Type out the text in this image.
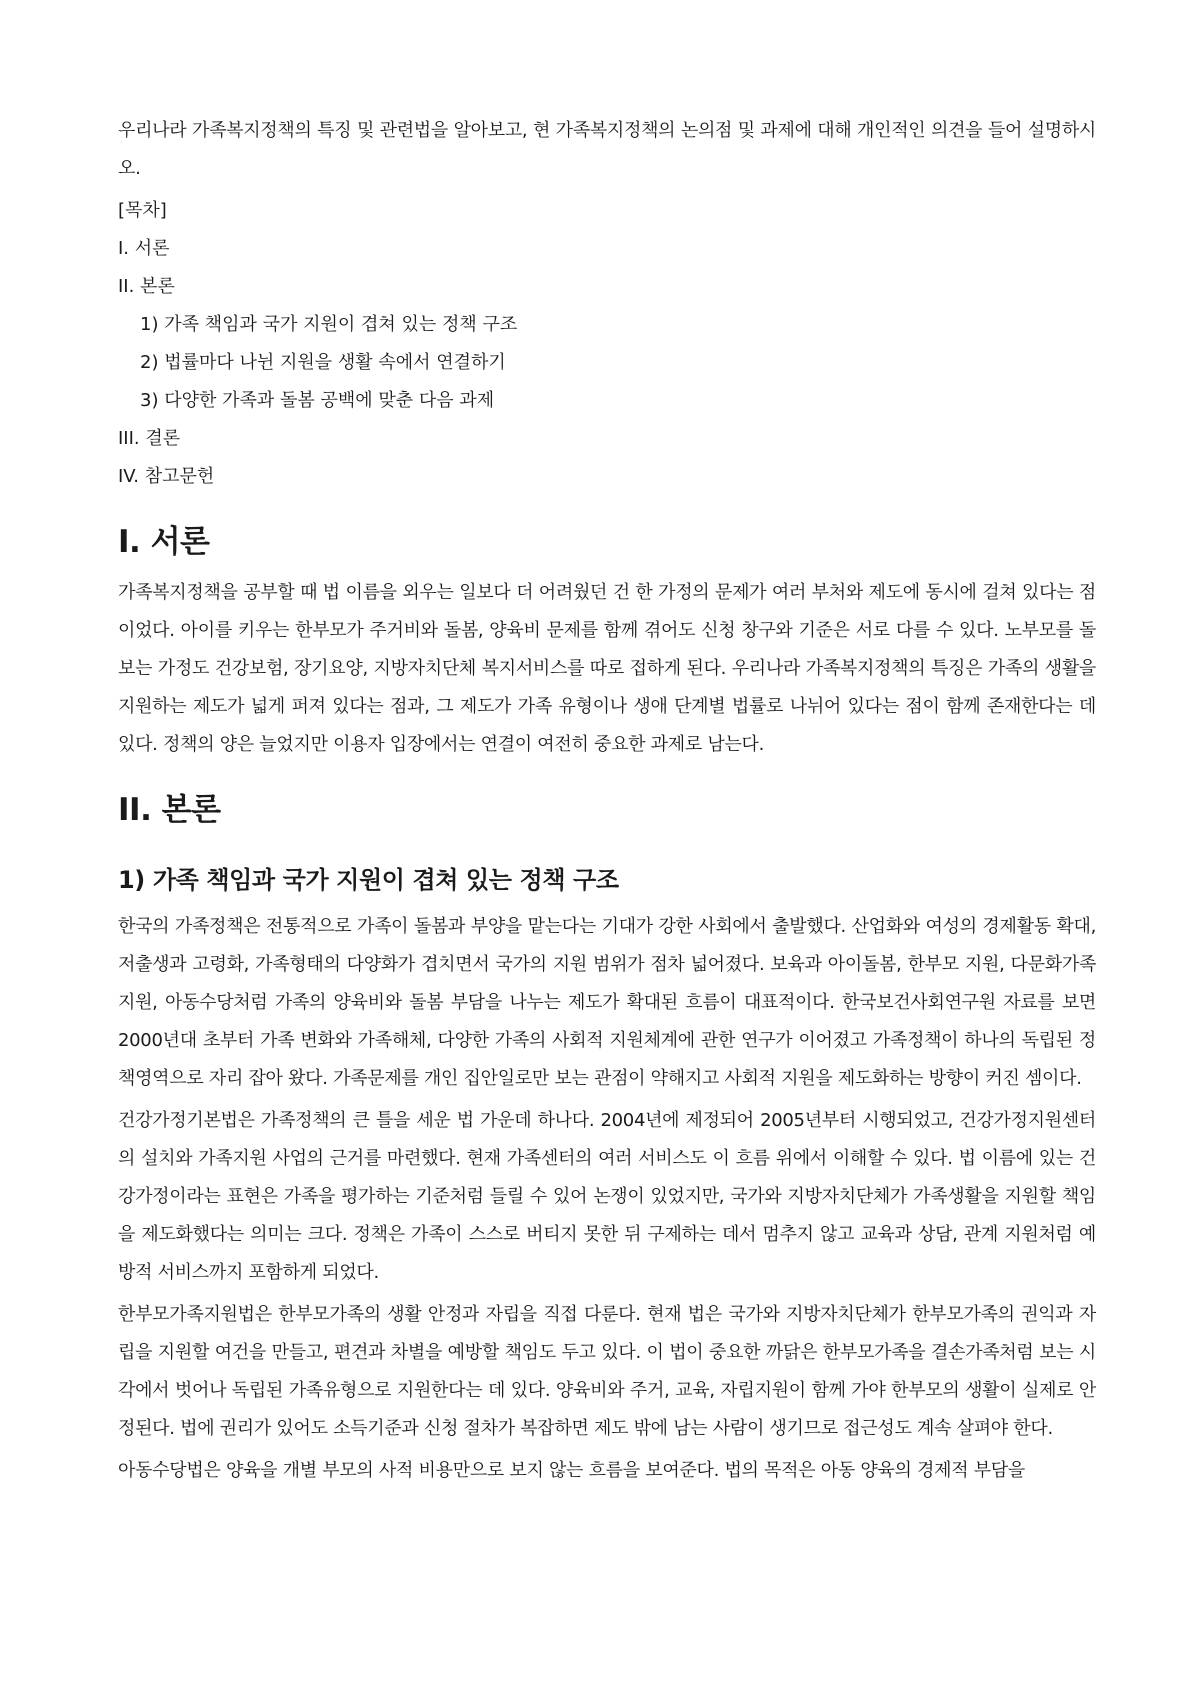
우리나라 가족복지정책의 특징 및 관련법을 알아보고, 현 가족복지정책의 논의점 및 과제에 대해 개인적인 의견을 들어 설명하시오.

[목차]
I. 서론
II. 본론
1) 가족 책임과 국가 지원이 겹쳐 있는 정책 구조
2) 법률마다 나뉜 지원을 생활 속에서 연결하기
3) 다양한 가족과 돌봄 공백에 맞춘 다음 과제
III. 결론
IV. 참고문헌
I. 서론

가족복지정책을 공부할 때 법 이름을 외우는 일보다 더 어려웠던 건 한 가정의 문제가 여러 부처와 제도에 동시에 걸쳐 있다는 점이었다. 아이를 키우는 한부모가 주거비와 돌봄, 양육비 문제를 함께 겪어도 신청 창구와 기준은 서로 다를 수 있다. 노부모를 돌보는 가정도 건강보험, 장기요양, 지방자치단체 복지서비스를 따로 접하게 된다. 우리나라 가족복지정책의 특징은 가족의 생활을 지원하는 제도가 넓게 퍼져 있다는 점과, 그 제도가 가족 유형이나 생애 단계별 법률로 나뉘어 있다는 점이 함께 존재한다는 데 있다. 정책의 양은 늘었지만 이용자 입장에서는 연결이 여전히 중요한 과제로 남는다.

II. 본론
1) 가족 책임과 국가 지원이 겹쳐 있는 정책 구조

한국의 가족정책은 전통적으로 가족이 돌봄과 부양을 맡는다는 기대가 강한 사회에서 출발했다. 산업화와 여성의 경제활동 확대, 저출생과 고령화, 가족형태의 다양화가 겹치면서 국가의 지원 범위가 점차 넓어졌다. 보육과 아이돌봄, 한부모 지원, 다문화가족 지원, 아동수당처럼 가족의 양육비와 돌봄 부담을 나누는 제도가 확대된 흐름이 대표적이다. 한국보건사회연구원 자료를 보면 2000년대 초부터 가족 변화와 가족해체, 다양한 가족의 사회적 지원체계에 관한 연구가 이어졌고 가족정책이 하나의 독립된 정책영역으로 자리 잡아 왔다. 가족문제를 개인 집안일로만 보는 관점이 약해지고 사회적 지원을 제도화하는 방향이 커진 셈이다.

건강가정기본법은 가족정책의 큰 틀을 세운 법 가운데 하나다. 2004년에 제정되어 2005년부터 시행되었고, 건강가정지원센터의 설치와 가족지원 사업의 근거를 마련했다. 현재 가족센터의 여러 서비스도 이 흐름 위에서 이해할 수 있다. 법 이름에 있는 건강가정이라는 표현은 가족을 평가하는 기준처럼 들릴 수 있어 논쟁이 있었지만, 국가와 지방자치단체가 가족생활을 지원할 책임을 제도화했다는 의미는 크다. 정책은 가족이 스스로 버티지 못한 뒤 구제하는 데서 멈추지 않고 교육과 상담, 관계 지원처럼 예방적 서비스까지 포함하게 되었다.

한부모가족지원법은 한부모가족의 생활 안정과 자립을 직접 다룬다. 현재 법은 국가와 지방자치단체가 한부모가족의 권익과 자립을 지원할 여건을 만들고, 편견과 차별을 예방할 책임도 두고 있다. 이 법이 중요한 까닭은 한부모가족을 결손가족처럼 보는 시각에서 벗어나 독립된 가족유형으로 지원한다는 데 있다. 양육비와 주거, 교육, 자립지원이 함께 가야 한부모의 생활이 실제로 안정된다. 법에 권리가 있어도 소득기준과 신청 절차가 복잡하면 제도 밖에 남는 사람이 생기므로 접근성도 계속 살펴야 한다.

아동수당법은 양육을 개별 부모의 사적 비용만으로 보지 않는 흐름을 보여준다. 법의 목적은 아동 양육의 경제적 부담을
